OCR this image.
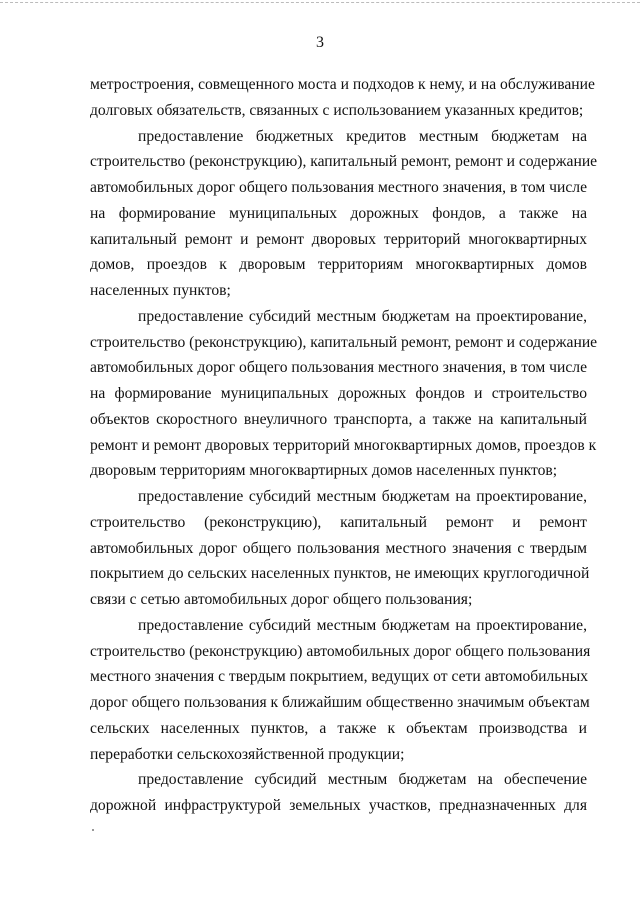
3
метростроения, совмещенного моста и подходов к нему, и на обслуживание
долговых обязательств, связанных с использованием указанных кредитов;
предоставление бюджетных кредитов местным бюджетам на
строительство (реконструкцию), капитальный ремонт, ремонт и содержание
автомобильных дорог общего пользования местного значения, в том числе
на формирование муниципальных дорожных фондов, а также на
капитальный ремонт и ремонт дворовых территорий многоквартирных
домов, проездов к дворовым территориям многоквартирных домов
населенных пунктов;
предоставление субсидий местным бюджетам на проектирование,
строительство (реконструкцию), капитальный ремонт, ремонт и содержание
автомобильных дорог общего пользования местного значения, в том числе
на формирование муниципальных дорожных фондов и строительство
объектов скоростного внеуличного транспорта, а также на капитальный
ремонт и ремонт дворовых территорий многоквартирных домов, проездов к
дворовым территориям многоквартирных домов населенных пунктов;
предоставление субсидий местным бюджетам на проектирование,
строительство (реконструкцию), капитальный ремонт и ремонт
автомобильных дорог общего пользования местного значения с твердым
покрытием до сельских населенных пунктов, не имеющих круглогодичной
связи с сетью автомобильных дорог общего пользования;
предоставление субсидий местным бюджетам на проектирование,
строительство (реконструкцию) автомобильных дорог общего пользования
местного значения с твердым покрытием, ведущих от сети автомобильных
дорог общего пользования к ближайшим общественно значимым объектам
сельских населенных пунктов, а также к объектам производства и
переработки сельскохозяйственной продукции;
предоставление субсидий местным бюджетам на обеспечение
дорожной инфраструктурой земельных участков, предназначенных для
